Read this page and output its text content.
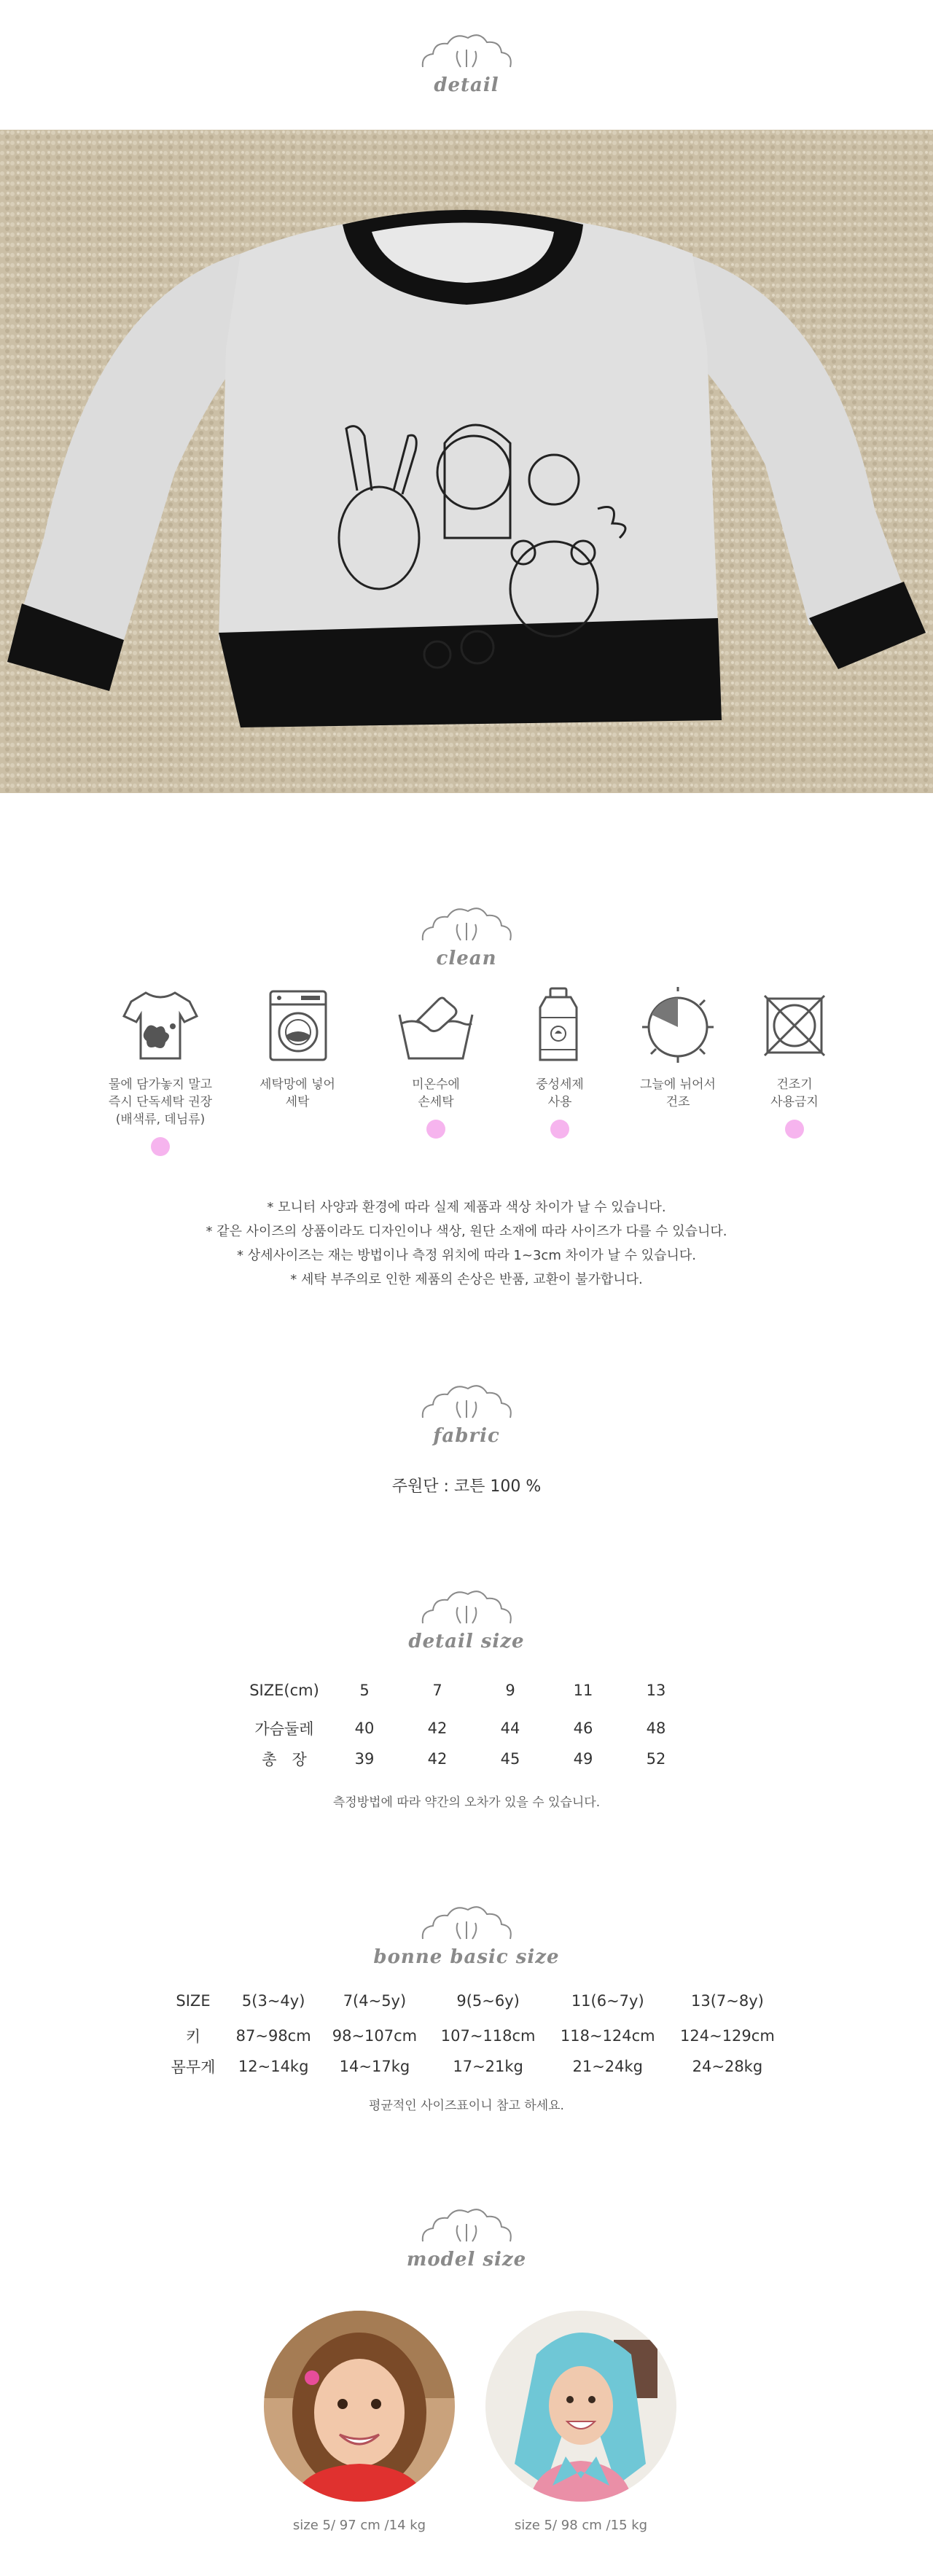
detail
clean
물에 담가놓지 말고
즉시 단독세탁 권장
(배색류, 데님류)
세탁망에 넣어
세탁
미온수에
손세탁
중성세제
사용
그늘에 뉘어서
건조
건조기
사용금지
* 모니터 사양과 환경에 따라 실제 제품과 색상 차이가 날 수 있습니다.
* 같은 사이즈의 상품이라도 디자인이나 색상, 원단 소재에 따라 사이즈가 다를 수 있습니다.
* 상세사이즈는 재는 방법이나 측정 위치에 따라 1~3cm 차이가 날 수 있습니다.
* 세탁 부주의로 인한 제품의 손상은 반품, 교환이 불가합니다.
fabric
주원단 : 코튼 100 %
detail size
SIZE(cm)	5	7	9	11	13

가슴둘레	40	42	44	46	48
총　장	39	42	45	49	52
측정방법에 따라 약간의 오차가 있을 수 있습니다.
bonne basic size
SIZE	5(3~4y)	7(4~5y)	9(5~6y)	11(6~7y)	13(7~8y)

키	87~98cm	98~107cm	107~118cm	118~124cm	124~129cm
몸무게	12~14kg	14~17kg	17~21kg	21~24kg	24~28kg
평균적인 사이즈표이니 참고 하세요.
model size
size 5/ 97 cm /14 kg	size 5/ 98 cm /15 kg
